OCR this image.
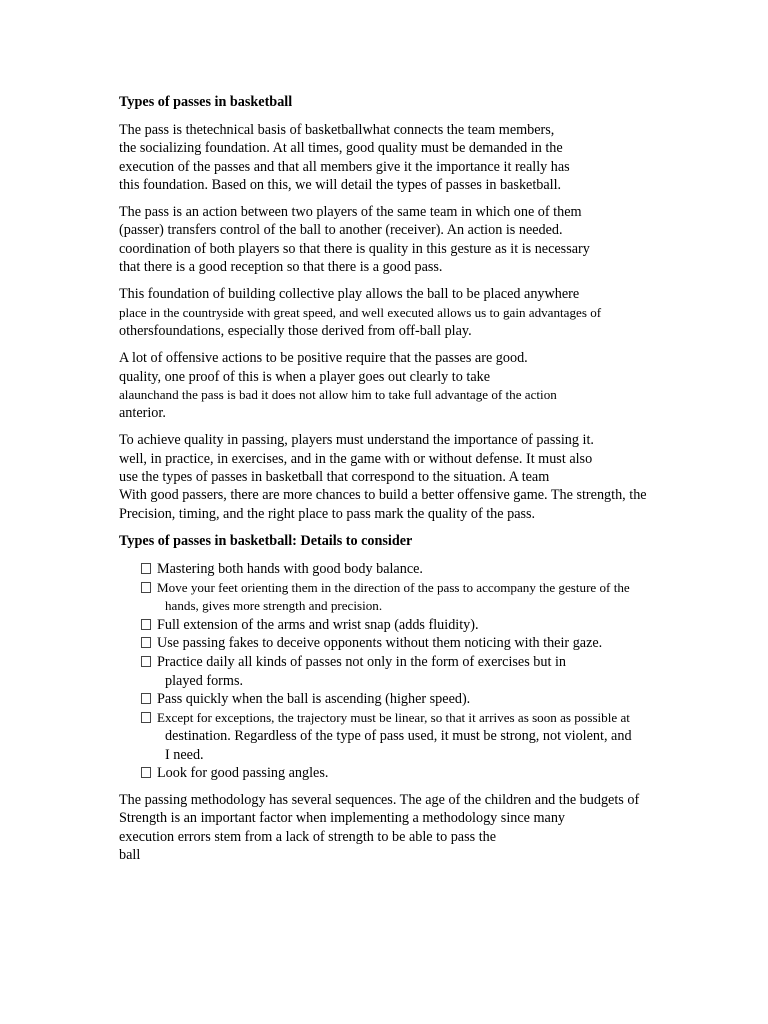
Types of passes in basketball
The pass is thetechnical basis of basketballwhat connects the team members,
the socializing foundation. At all times, good quality must be demanded in the
execution of the passes and that all members give it the importance it really has
this foundation. Based on this, we will detail the types of passes in basketball.
The pass is an action between two players of the same team in which one of them
(passer) transfers control of the ball to another (receiver). An action is needed.
coordination of both players so that there is quality in this gesture as it is necessary
that there is a good reception so that there is a good pass.
This foundation of building collective play allows the ball to be placed anywhere
place in the countryside with great speed, and well executed allows us to gain advantages of
othersfoundations, especially those derived from off-ball play.
A lot of offensive actions to be positive require that the passes are good.
quality, one proof of this is when a player goes out clearly to take
alaunchand the pass is bad it does not allow him to take full advantage of the action
anterior.
To achieve quality in passing, players must understand the importance of passing it.
well, in practice, in exercises, and in the game with or without defense. It must also
use the types of passes in basketball that correspond to the situation. A team
With good passers, there are more chances to build a better offensive game. The strength, the
Precision, timing, and the right place to pass mark the quality of the pass.
Types of passes in basketball: Details to consider
Mastering both hands with good body balance.
Move your feet orienting them in the direction of the pass to accompany the gesture of the
hands, gives more strength and precision.
Full extension of the arms and wrist snap (adds fluidity).
Use passing fakes to deceive opponents without them noticing with their gaze.
Practice daily all kinds of passes not only in the form of exercises but in
played forms.
Pass quickly when the ball is ascending (higher speed).
Except for exceptions, the trajectory must be linear, so that it arrives as soon as possible at
destination. Regardless of the type of pass used, it must be strong, not violent, and
I need.
Look for good passing angles.
The passing methodology has several sequences. The age of the children and the budgets of
Strength is an important factor when implementing a methodology since many
execution errors stem from a lack of strength to be able to pass the
ball
